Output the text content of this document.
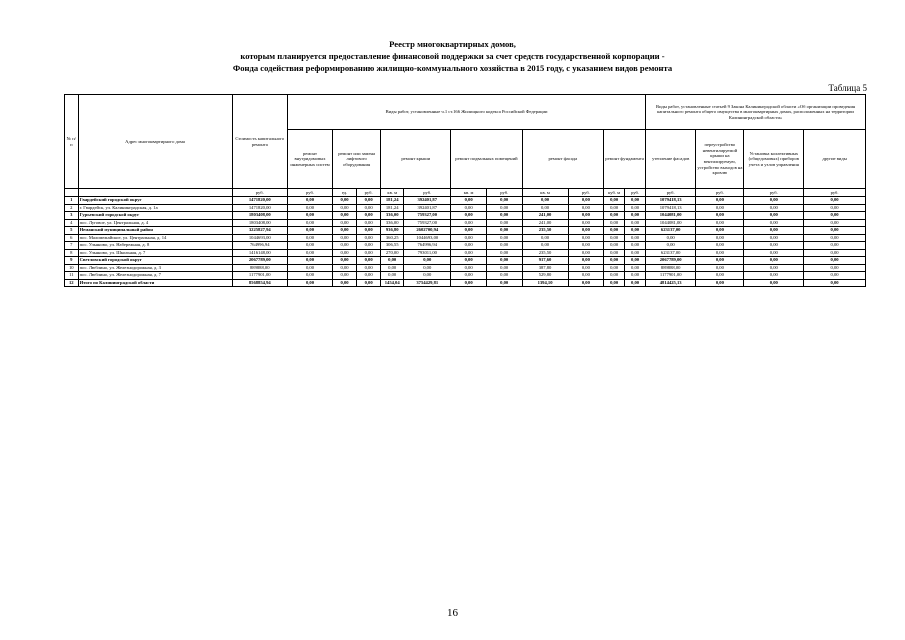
Реестр многоквартирных домов,
которым планируется предоставление финансовой поддержки за счет средств государственной корпорации -
Фонда содействия реформированию жилищно-коммунального хозяйства в 2015 году, с указанием видов ремонта
Таблица 5
№ п/п	Адрес многоквартирного дома	Стоимость капитального ремонта	Виды работ, установленные ч.1 ст.166 Жилищного кодекса Российской Федерации											Виды работ, установленные статьей 9 Закона Калининградской области «Об организации проведения капитального ремонта общего имущества в многоквартирных домах, расположенных на территории Калининградской области»			
			ремонт внутридомовых инженерных систем	ремонт или замена лифтового оборудования		ремонт крыши		ремонт подвальных помещений		ремонт фасада		ремонт фундамента		утепление фасадов	переустройство невентилируемой крыши на вентилируемую, устройство выходов на кровлю	Установка коллективных (общедомовых) приборов учета и узлов управления	другие виды
		руб.	руб.	ед.	руб.	кв. м	руб.	кв. м	руб.	кв. м	руб.	куб. м	руб.	руб.	руб.	руб.	руб.
1	Гвардейский городской округ	1471820,00	0,00	0,00	0,00	181,24	392401,87	0,00	0,00	0,00	0,00	0,00	0,00	1079418,13	0,00	0,00	0,00
2	г. Гвардейск, ул. Калининградская, д. 1а	1471820,00	0,00	0,00	0,00	181,24	392401,87	0,00	0,00	0,00	0,00	0,00	0,00	1079418,13	0,00	0,00	0,00
3	Гурьевский городской округ	1803408,00	0,00	0,00	0,00	336,00	759327,00	0,00	0,00	241,00	0,00	0,00	0,00	1044081,00	0,00	0,00	0,00
4	пос. Луговое, ул. Центральная, д. 4	1803408,00	0,00	0,00	0,00	336,00	759327,00	0,00	0,00	241,00	0,00	0,00	0,00	1044081,00	0,00	0,00	0,00
5	Неманский муниципальный район	3225827,94	0,00	0,00	0,00	936,80	2602700,94	0,00	0,00	235,50	0,00	0,00	0,00	623137,00	0,00	0,00	0,00
6	пос. Маломежайское, ул. Центральная, д. 14	1044693,00	0,00	0,00	0,00	360,25	1044693,00	0,00	0,00	0,00	0,00	0,00	0,00	0,00	0,00	0,00	0,00
7	пос. Ульяново, ул. Набережная, д. 8	764996,94	0,00	0,00	0,00	306,55	764996,94	0,00	0,00	0,00	0,00	0,00	0,00	0,00	0,00	0,00	0,00
8	пос. Ульяново, ул. Школьная, д. 7	1416148,00	0,00	0,00	0,00	270,00	793011,00	0,00	0,00	235,50	0,00	0,00	0,00	623137,00	0,00	0,00	0,00
9	Светловский городской округ	2067789,00	0,00	0,00	0,00	0,00	0,00	0,00	0,00	917,60	0,00	0,00	0,00	2067789,00	0,00	0,00	0,00
10	пос. Люблино, ул. Железнодорожная, д. 3	889888,00	0,00	0,00	0,00	0,00	0,00	0,00	0,00	387,80	0,00	0,00	0,00	889888,00	0,00	0,00	0,00
11	пос. Люблино, ул. Железнодорожная, д. 7	1177901,00	0,00	0,00	0,00	0,00	0,00	0,00	0,00	529,80	0,00	0,00	0,00	1177901,00	0,00	0,00	0,00
12	Итого по Калининградской области	8568854,94	0,00	0,00	0,00	1454,04	3754429,81	0,00	0,00	1394,10	0,00	0,00	0,00	4814425,13	0,00	0,00	0,00
16
